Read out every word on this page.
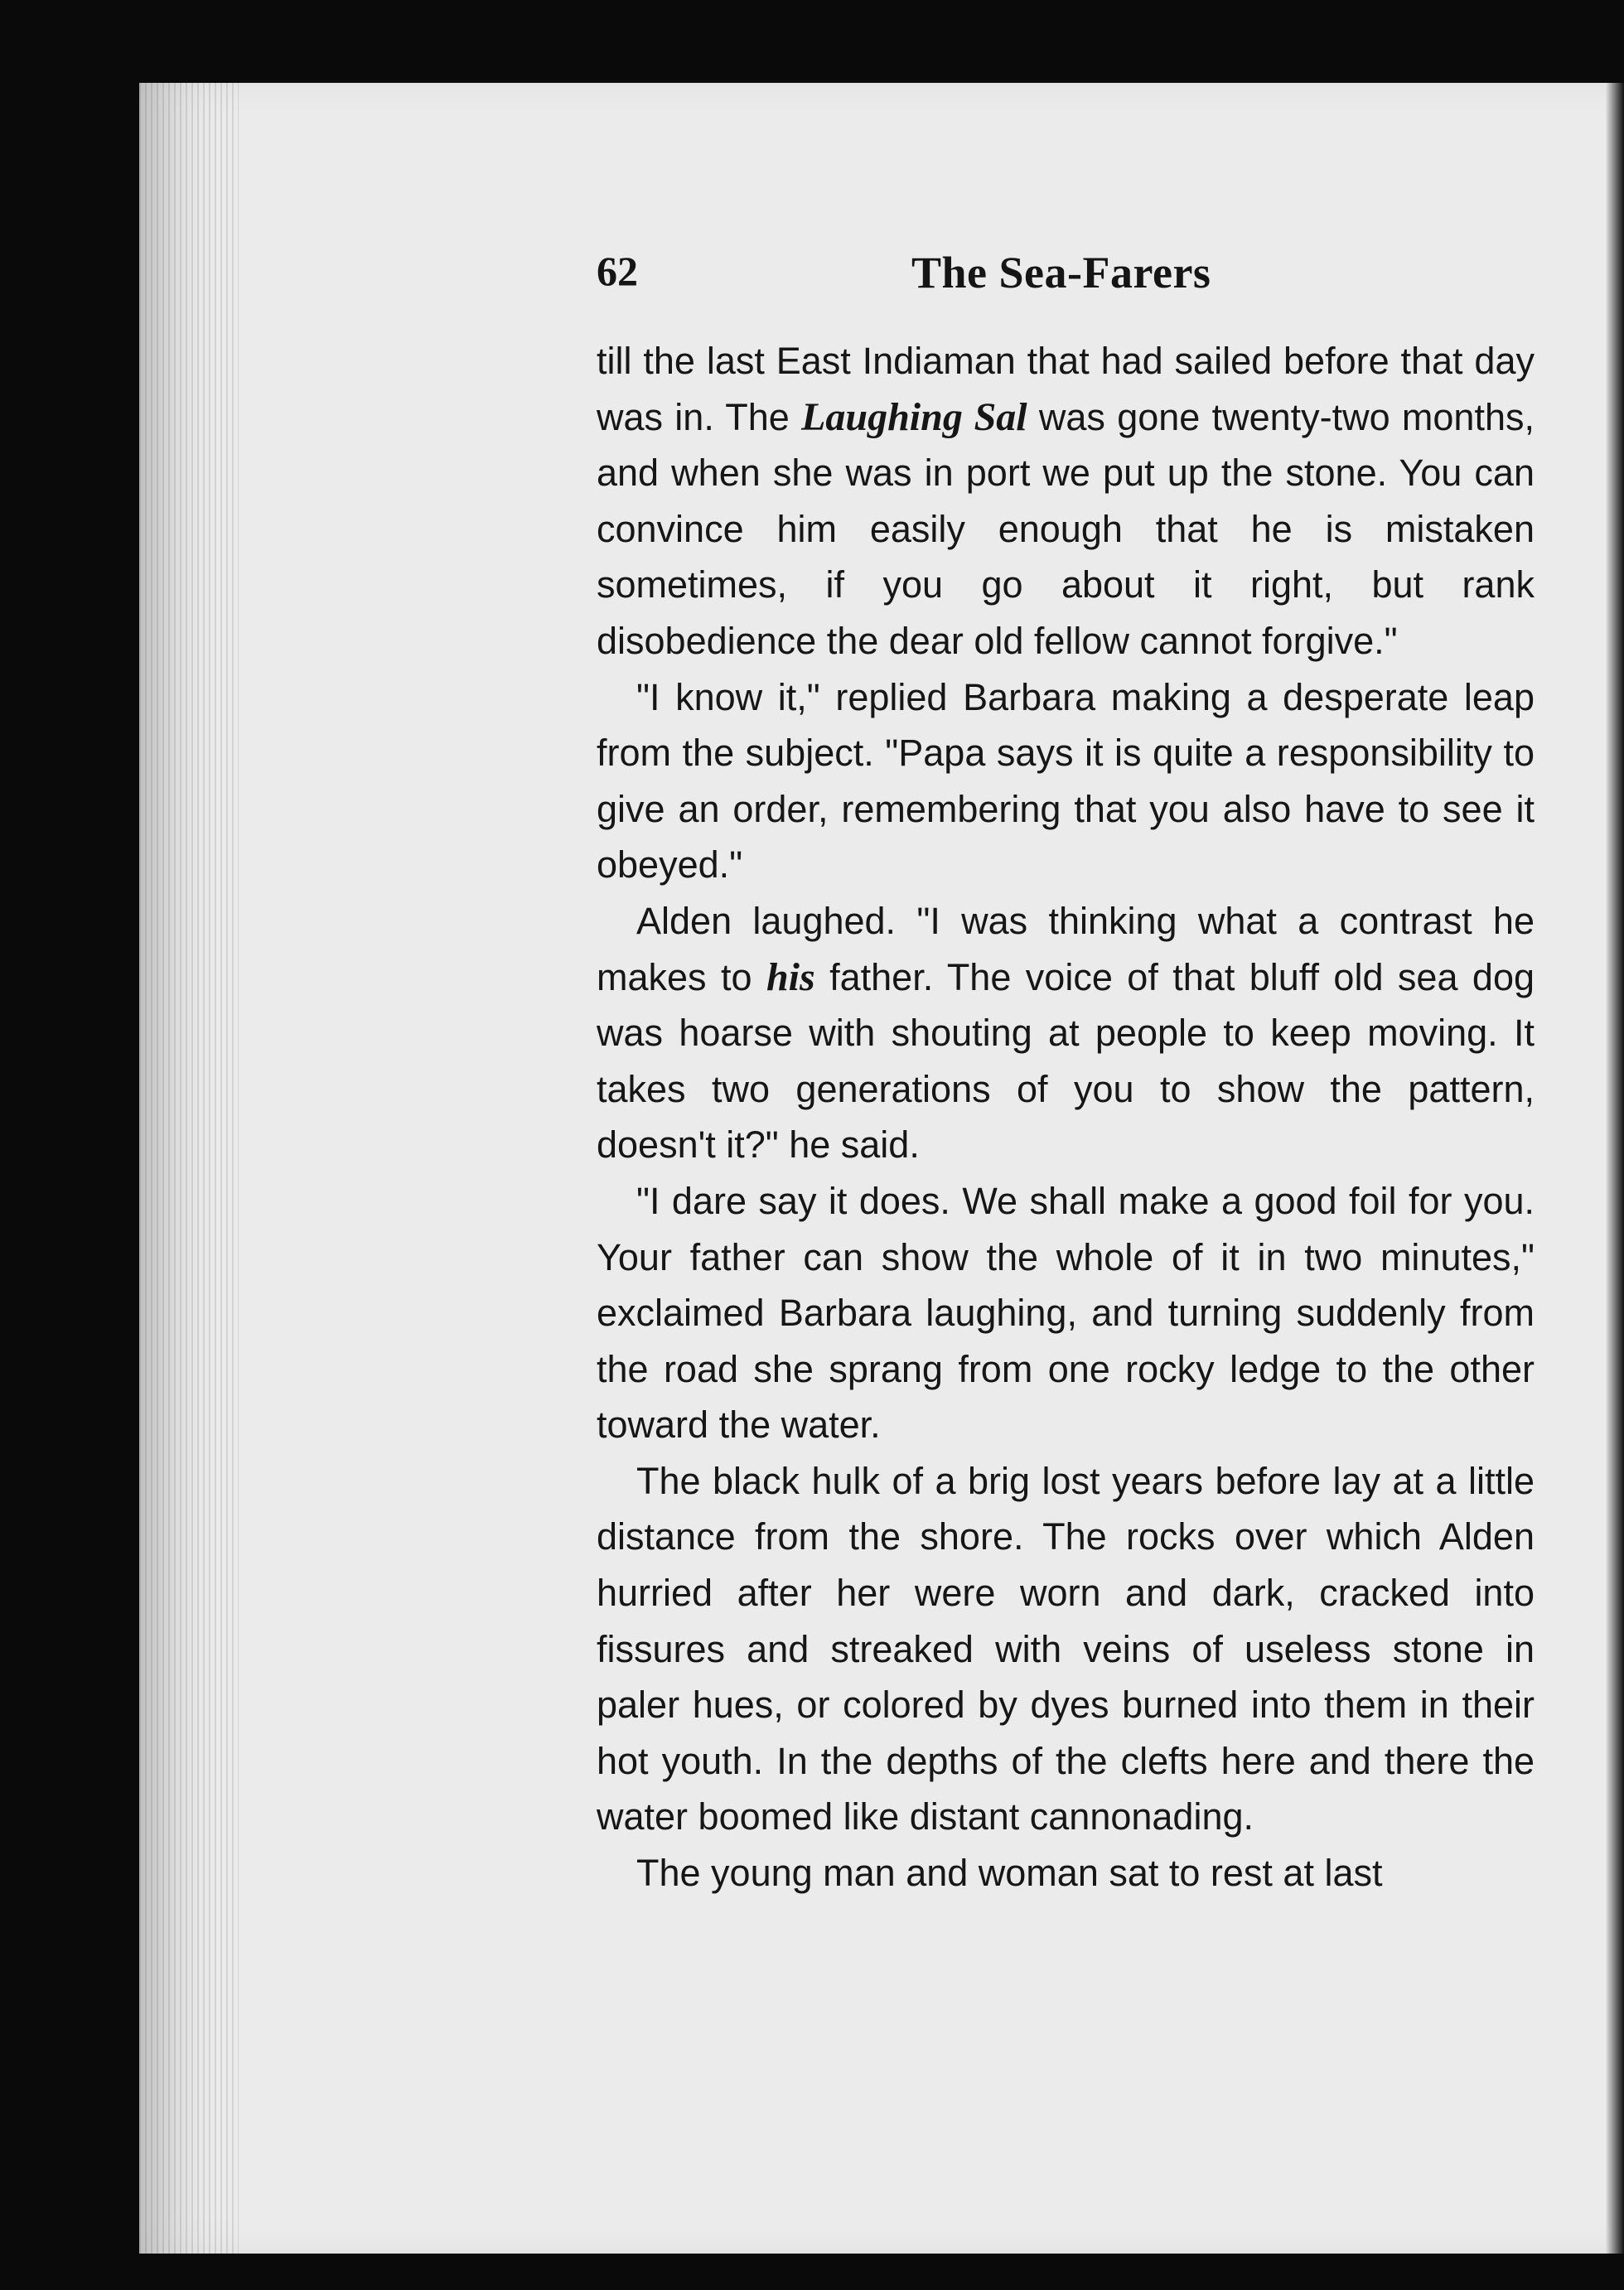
62	The Sea-Farers

till the last East Indiaman that had sailed before that day was in. The Laughing Sal was gone twenty-two months, and when she was in port we put up the stone. You can convince him easily enough that he is mistaken sometimes, if you go about it right, but rank disobedience the dear old fellow cannot forgive."

"I know it," replied Barbara making a desperate leap from the subject. "Papa says it is quite a responsibility to give an order, remembering that you also have to see it obeyed."

Alden laughed. "I was thinking what a contrast he makes to his father. The voice of that bluff old sea dog was hoarse with shouting at people to keep moving. It takes two generations of you to show the pattern, doesn't it?" he said.

"I dare say it does. We shall make a good foil for you. Your father can show the whole of it in two minutes," exclaimed Barbara laughing, and turning suddenly from the road she sprang from one rocky ledge to the other toward the water.

The black hulk of a brig lost years before lay at a little distance from the shore. The rocks over which Alden hurried after her were worn and dark, cracked into fissures and streaked with veins of useless stone in paler hues, or colored by dyes burned into them in their hot youth. In the depths of the clefts here and there the water boomed like distant cannonading.

The young man and woman sat to rest at last
